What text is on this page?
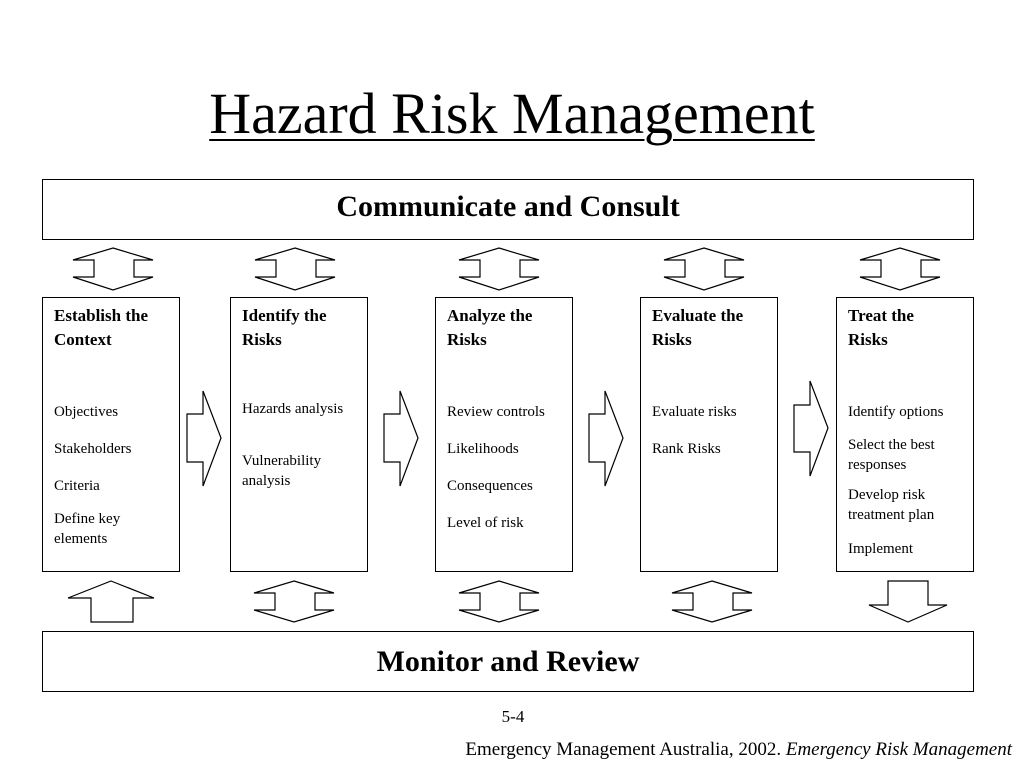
Hazard Risk Management
Communicate and Consult
Establish the
Context
Objectives
Stakeholders
Criteria
Define key elements
Identify the
Risks
Hazards analysis
Vulnerability analysis
Analyze the
Risks
Review controls
Likelihoods
Consequences
Level of risk
Evaluate the
Risks
Evaluate risks
Rank Risks
Treat the
Risks
Identify options
Select the best responses
Develop risk treatment plan
Implement
Monitor and Review
5-4
Emergency Management Australia, 2002. Emergency Risk Management
